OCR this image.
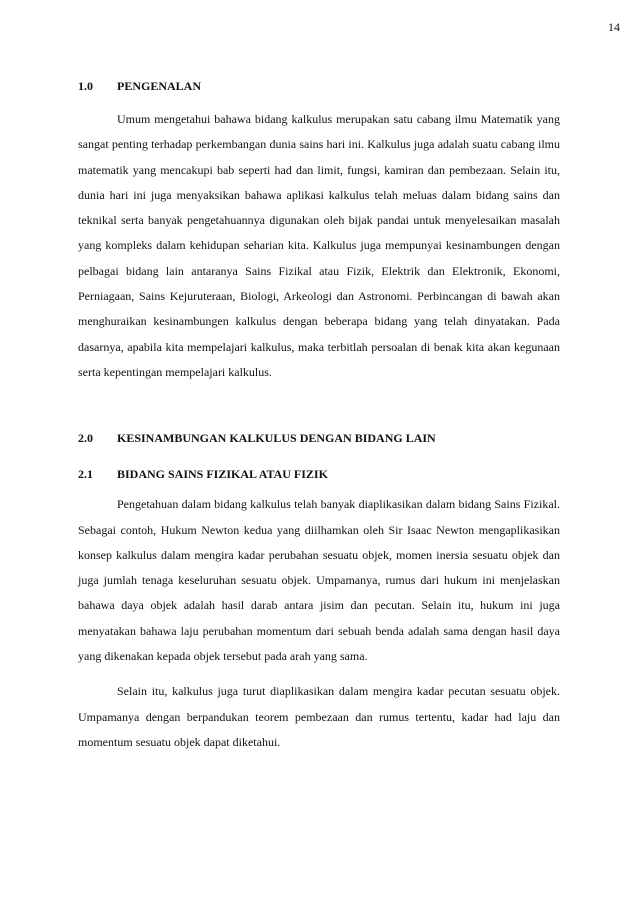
14
1.0	PENGENALAN

Umum mengetahui bahawa bidang kalkulus merupakan satu cabang ilmu Matematik yang sangat penting terhadap perkembangan dunia sains hari ini. Kalkulus juga adalah suatu cabang ilmu matematik yang mencakupi bab seperti had dan limit, fungsi, kamiran dan pembezaan. Selain itu, dunia hari ini juga menyaksikan bahawa aplikasi kalkulus telah meluas dalam bidang sains dan teknikal serta banyak pengetahuannya digunakan oleh bijak pandai untuk menyelesaikan masalah yang kompleks dalam kehidupan seharian kita. Kalkulus juga mempunyai kesinambungen dengan pelbagai bidang lain antaranya Sains Fizikal atau Fizik, Elektrik dan Elektronik, Ekonomi, Perniagaan, Sains Kejuruteraan, Biologi, Arkeologi dan Astronomi. Perbincangan di bawah akan menghuraikan kesinambungen kalkulus dengan beberapa bidang yang telah dinyatakan. Pada dasarnya, apabila kita mempelajari kalkulus, maka terbitlah persoalan di benak kita akan kegunaan serta kepentingan mempelajari kalkulus.

2.0	KESINAMBUNGAN KALKULUS DENGAN BIDANG LAIN
2.1	BIDANG SAINS FIZIKAL ATAU FIZIK

Pengetahuan dalam bidang kalkulus telah banyak diaplikasikan dalam bidang Sains Fizikal. Sebagai contoh, Hukum Newton kedua yang diilhamkan oleh Sir Isaac Newton mengaplikasikan konsep kalkulus dalam mengira kadar perubahan sesuatu objek, momen inersia sesuatu objek dan juga jumlah tenaga keseluruhan sesuatu objek. Umpamanya, rumus dari hukum ini menjelaskan bahawa daya objek adalah hasil darab antara jisim dan pecutan. Selain itu, hukum ini juga menyatakan bahawa laju perubahan momentum dari sebuah benda adalah sama dengan hasil daya yang dikenakan kepada objek tersebut pada arah yang sama.

Selain itu, kalkulus juga turut diaplikasikan dalam mengira kadar pecutan sesuatu objek. Umpamanya dengan berpandukan teorem pembezaan dan rumus tertentu, kadar had laju dan momentum sesuatu objek dapat diketahui.
